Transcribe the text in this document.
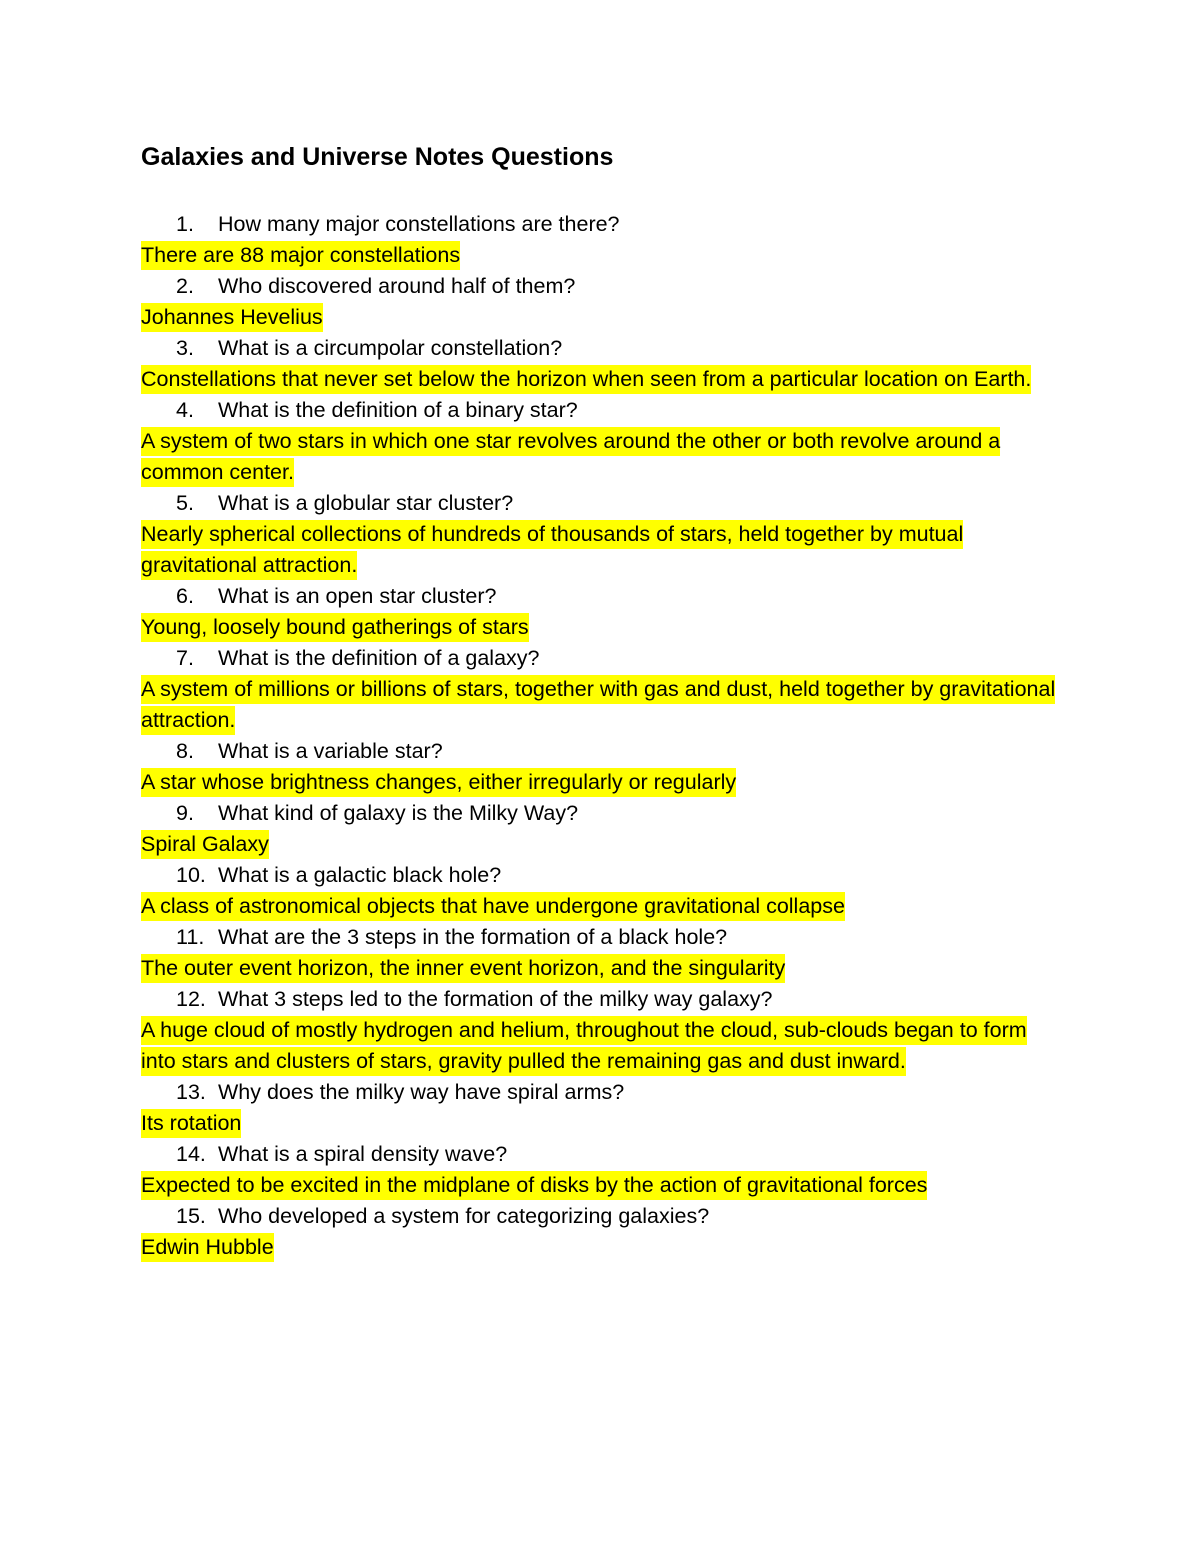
Galaxies and Universe Notes Questions
1. How many major constellations are there?
There are 88 major constellations
2. Who discovered around half of them?
Johannes Hevelius
3. What is a circumpolar constellation?
Constellations that never set below the horizon when seen from a particular location on Earth.
4. What is the definition of a binary star?
A system of two stars in which one star revolves around the other or both revolve around a common center.
5. What is a globular star cluster?
Nearly spherical collections of hundreds of thousands of stars, held together by mutual gravitational attraction.
6. What is an open star cluster?
Young, loosely bound gatherings of stars
7. What is the definition of a galaxy?
A system of millions or billions of stars, together with gas and dust, held together by gravitational attraction.
8. What is a variable star?
A star whose brightness changes, either irregularly or regularly
9. What kind of galaxy is the Milky Way?
Spiral Galaxy
10. What is a galactic black hole?
A class of astronomical objects that have undergone gravitational collapse
11. What are the 3 steps in the formation of a black hole?
The outer event horizon, the inner event horizon, and the singularity
12. What 3 steps led to the formation of the milky way galaxy?
A huge cloud of mostly hydrogen and helium, throughout the cloud, sub-clouds began to form into stars and clusters of stars, gravity pulled the remaining gas and dust inward.
13. Why does the milky way have spiral arms?
Its rotation
14. What is a spiral density wave?
Expected to be excited in the midplane of disks by the action of gravitational forces
15. Who developed a system for categorizing galaxies?
Edwin Hubble
